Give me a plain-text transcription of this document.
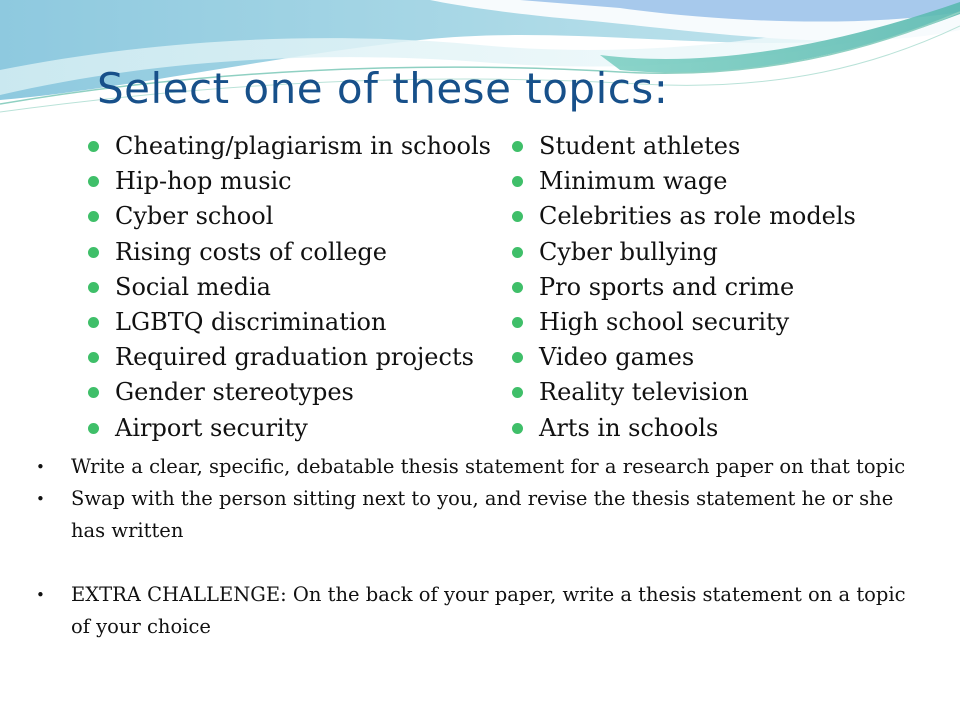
Select one of these topics:
Cheating/plagiarism in schools
Hip-hop music
Cyber school
Rising costs of college
Social media
LGBTQ discrimination
Required graduation projects
Gender stereotypes
Airport security
Student athletes
Minimum wage
Celebrities as role models
Cyber bullying
Pro sports and crime
High school security
Video games
Reality television
Arts in schools
• Write a clear, specific, debatable thesis statement for a research paper on that topic
• Swap with the person sitting next to you, and revise the thesis statement he or she has written
• EXTRA CHALLENGE: On the back of your paper, write a thesis statement on a topic of your choice
